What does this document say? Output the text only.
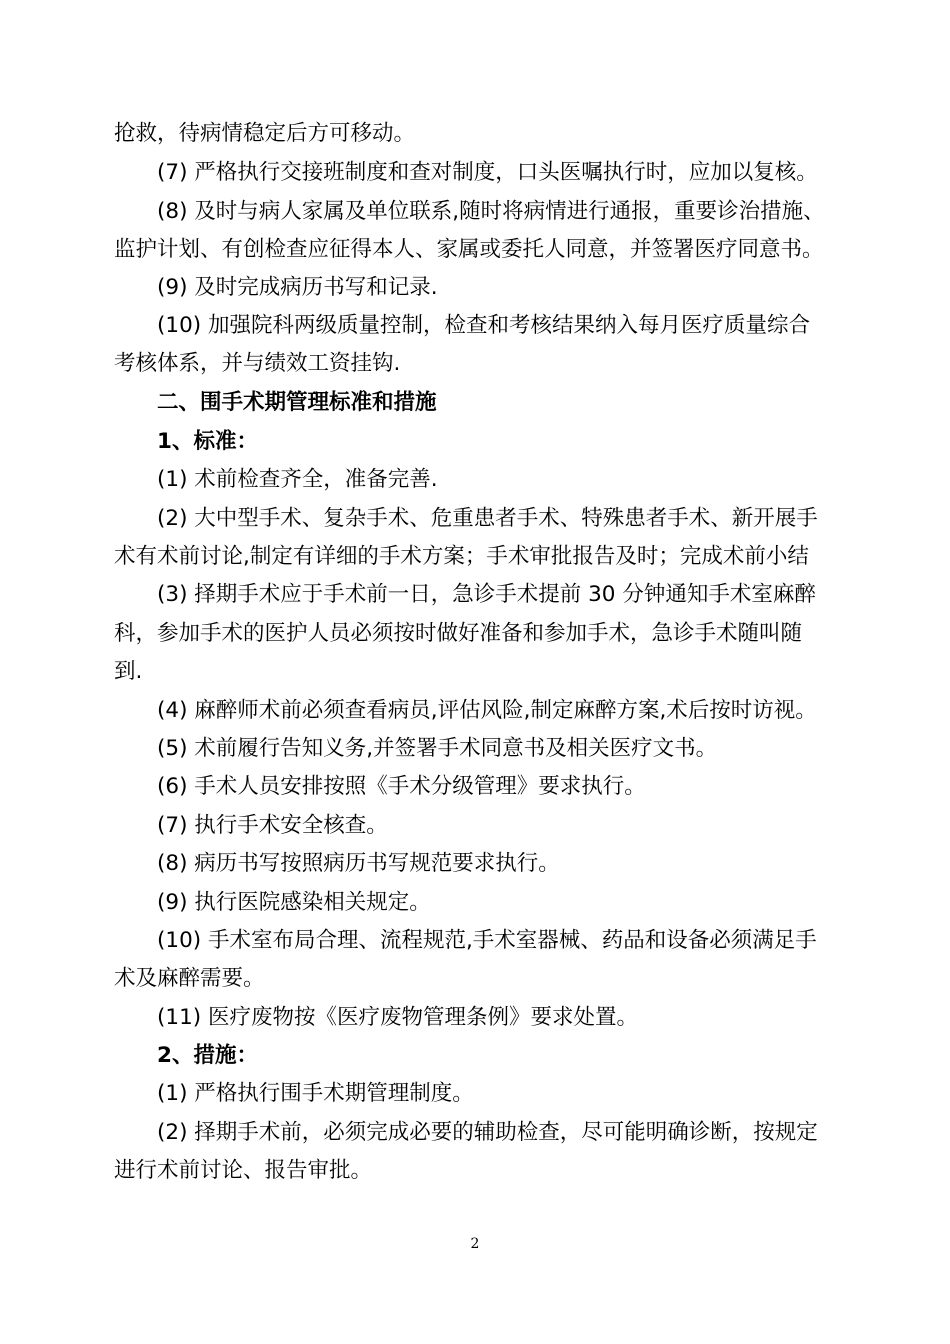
抢救，待病情稳定后方可移动。
(7) 严格执行交接班制度和查对制度，口头医嘱执行时，应加以复核。
(8) 及时与病人家属及单位联系,随时将病情进行通报，重要诊治措施、
监护计划、有创检查应征得本人、家属或委托人同意，并签署医疗同意书。
(9) 及时完成病历书写和记录.
(10) 加强院科两级质量控制，检查和考核结果纳入每月医疗质量综合
考核体系，并与绩效工资挂钩.
二、围手术期管理标准和措施
1、标准：
(1) 术前检查齐全，准备完善.
(2) 大中型手术、复杂手术、危重患者手术、特殊患者手术、新开展手
术有术前讨论,制定有详细的手术方案；手术审批报告及时；完成术前小结
(3) 择期手术应于手术前一日，急诊手术提前 30 分钟通知手术室麻醉
科，参加手术的医护人员必须按时做好准备和参加手术，急诊手术随叫随
到.
(4) 麻醉师术前必须查看病员,评估风险,制定麻醉方案,术后按时访视。
(5) 术前履行告知义务,并签署手术同意书及相关医疗文书。
(6) 手术人员安排按照《手术分级管理》要求执行。
(7) 执行手术安全核查。
(8) 病历书写按照病历书写规范要求执行。
(9) 执行医院感染相关规定。
(10) 手术室布局合理、流程规范,手术室器械、药品和设备必须满足手
术及麻醉需要。
(11) 医疗废物按《医疗废物管理条例》要求处置。
2、措施：
(1) 严格执行围手术期管理制度。
(2) 择期手术前，必须完成必要的辅助检查，尽可能明确诊断，按规定
进行术前讨论、报告审批。
2
